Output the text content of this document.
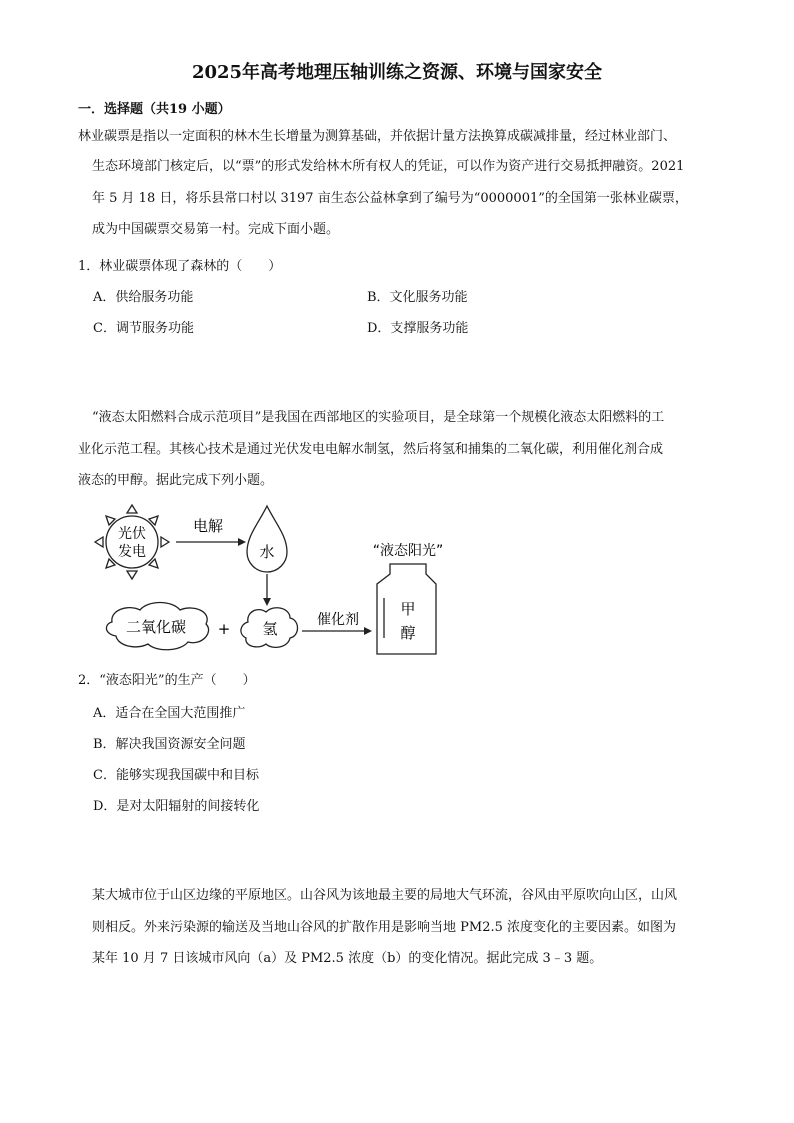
2025年高考地理压轴训练之资源、环境与国家安全
一．选择题（共19 小题）
林业碳票是指以一定面积的林木生长增量为测算基础，并依据计量方法换算成碳减排量，经过林业部门、
生态环境部门核定后，以“票”的形式发给林木所有权人的凭证，可以作为资产进行交易抵押融资。2021
年 5 月 18 日，将乐县常口村以 3197 亩生态公益林拿到了编号为“0000001”的全国第一张林业碳票，
成为中国碳票交易第一村。完成下面小题。
1．林业碳票体现了森林的（　　）
A．供给服务功能	B．文化服务功能
C．调节服务功能	D．支撑服务功能
“液态太阳燃料合成示范项目”是我国在西部地区的实验项目，是全球第一个规模化液态太阳燃料的工
业化示范工程。其核心技术是通过光伏发电电解水制氢，然后将氢和捕集的二氧化碳，利用催化剂合成
液态的甲醇。据此完成下列小题。
光伏
发电
电解
水	“液态阳光”
甲
醇
二氧化碳 + 氢	催化剂
2．“液态阳光”的生产（　　）
A．适合在全国大范围推广
B．解决我国资源安全问题
C．能够实现我国碳中和目标
D．是对太阳辐射的间接转化
某大城市位于山区边缘的平原地区。山谷风为该地最主要的局地大气环流，谷风由平原吹向山区，山风
则相反。外来污染源的输送及当地山谷风的扩散作用是影响当地 PM2.5 浓度变化的主要因素。如图为
某年 10 月 7 日该城市风向（a）及 PM2.5 浓度（b）的变化情况。据此完成 3﹣3 题。
